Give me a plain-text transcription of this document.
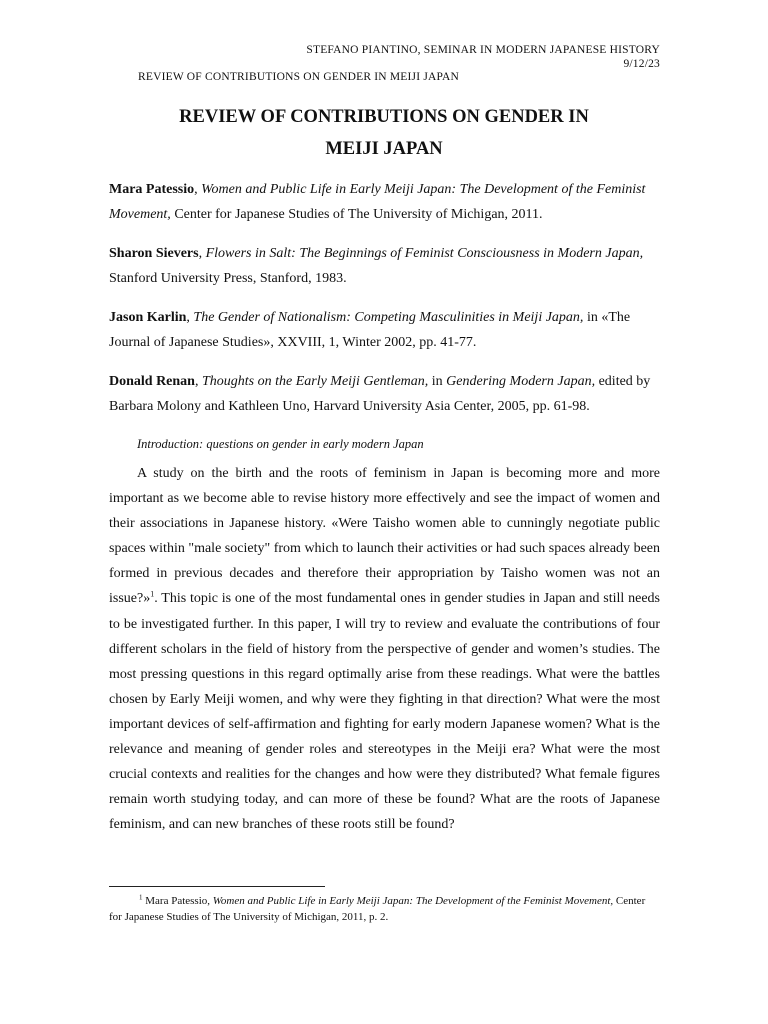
STEFANO PIANTINO, SEMINAR IN MODERN JAPANESE HISTORY
9/12/23
REVIEW OF CONTRIBUTIONS ON GENDER IN MEIJI JAPAN
REVIEW OF CONTRIBUTIONS ON GENDER IN
MEIJI JAPAN

Mara Patessio, Women and Public Life in Early Meiji Japan: The Development of the Feminist Movement, Center for Japanese Studies of The University of Michigan, 2011.

Sharon Sievers, Flowers in Salt: The Beginnings of Feminist Consciousness in Modern Japan, Stanford University Press, Stanford, 1983.

Jason Karlin, The Gender of Nationalism: Competing Masculinities in Meiji Japan, in «The Journal of Japanese Studies», XXVIII, 1, Winter 2002, pp. 41-77.

Donald Renan, Thoughts on the Early Meiji Gentleman, in Gendering Modern Japan, edited by Barbara Molony and Kathleen Uno, Harvard University Asia Center, 2005, pp. 61-98.

Introduction: questions on gender in early modern Japan

A study on the birth and the roots of feminism in Japan is becoming more and more important as we become able to revise history more effectively and see the impact of women and their associations in Japanese history. «Were Taisho women able to cunningly negotiate public spaces within "male society" from which to launch their activities or had such spaces already been formed in previous decades and therefore their appropriation by Taisho women was not an issue?»$^1$. This topic is one of the most fundamental ones in gender studies in Japan and still needs to be investigated further. In this paper, I will try to review and evaluate the contributions of four different scholars in the field of history from the perspective of gender and women’s studies. The most pressing questions in this regard optimally arise from these readings. What were the battles chosen by Early Meiji women, and why were they fighting in that direction? What were the most important devices of self-affirmation and fighting for early modern Japanese women? What is the relevance and meaning of gender roles and stereotypes in the Meiji era? What were the most crucial contexts and realities for the changes and how were they distributed? What female figures remain worth studying today, and can more of these be found? What are the roots of Japanese feminism, and can new branches of these roots still be found?

$^1$ Mara Patessio, Women and Public Life in Early Meiji Japan: The Development of the Feminist Movement, Center for Japanese Studies of The University of Michigan, 2011, p. 2.
